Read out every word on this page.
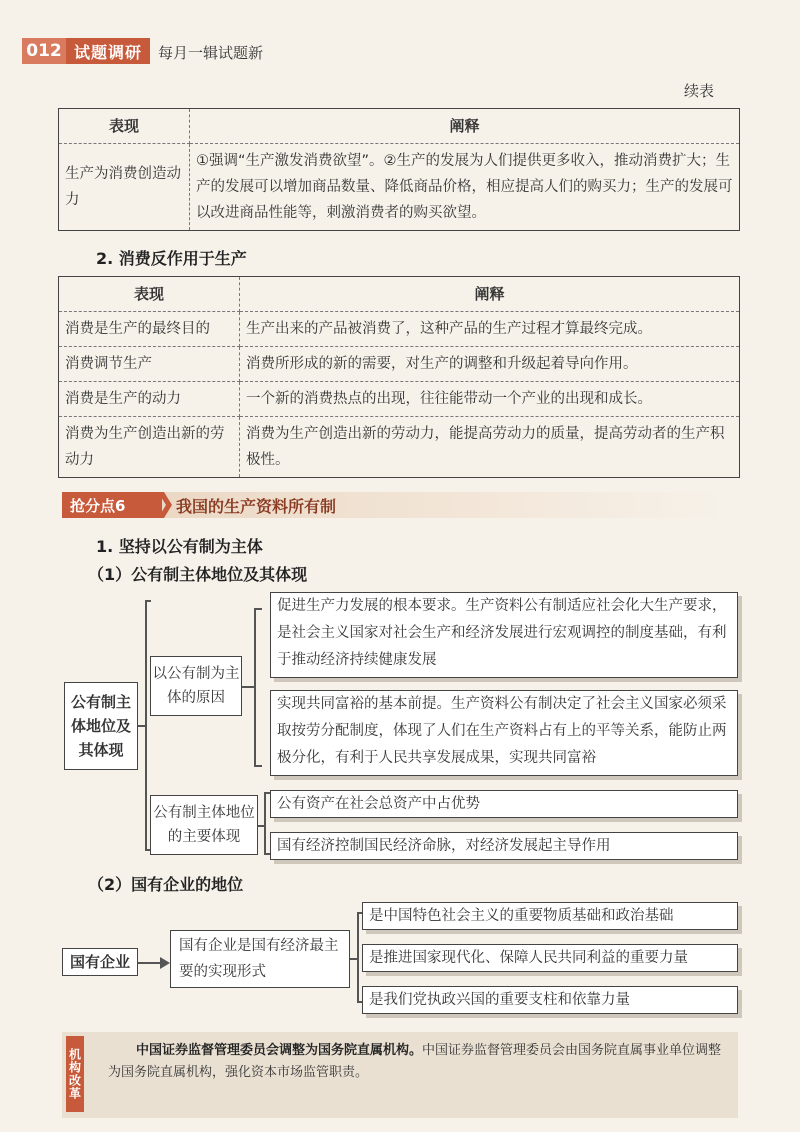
012 试题调研	每月一辑试题新
续表
表现	阐释
生产为消费创造动力	①强调“生产激发消费欲望”。②生产的发展为人们提供更多收入，推动消费扩大；生产的发展可以增加商品数量、降低商品价格，相应提高人们的购买力；生产的发展可以改进商品性能等，刺激消费者的购买欲望。
2. 消费反作用于生产
表现	阐释
消费是生产的最终目的	生产出来的产品被消费了，这种产品的生产过程才算最终完成。
消费调节生产	消费所形成的新的需要，对生产的调整和升级起着导向作用。
消费是生产的动力	一个新的消费热点的出现，往往能带动一个产业的出现和成长。
消费为生产创造出新的劳动力	消费为生产创造出新的劳动力，能提高劳动力的质量，提高劳动者的生产积极性。
抢分点6	我国的生产资料所有制
1. 坚持以公有制为主体
（1）公有制主体地位及其体现
公有制主体地位及其体现
以公有制为主体的原因
公有制主体地位的主要体现
促进生产力发展的根本要求。生产资料公有制适应社会化大生产要求，是社会主义国家对社会生产和经济发展进行宏观调控的制度基础，有利于推动经济持续健康发展
实现共同富裕的基本前提。生产资料公有制决定了社会主义国家必须采取按劳分配制度，体现了人们在生产资料占有上的平等关系，能防止两极分化，有利于人民共享发展成果，实现共同富裕
公有资产在社会总资产中占优势
国有经济控制国民经济命脉，对经济发展起主导作用
（2）国有企业的地位
国有企业
国有企业是国有经济最主要的实现形式
是中国特色社会主义的重要物质基础和政治基础
是推进国家现代化、保障人民共同利益的重要力量
是我们党执政兴国的重要支柱和依靠力量
机构改革	中国证券监督管理委员会调整为国务院直属机构。中国证券监督管理委员会由国务院直属事业单位调整为国务院直属机构，强化资本市场监管职责。
